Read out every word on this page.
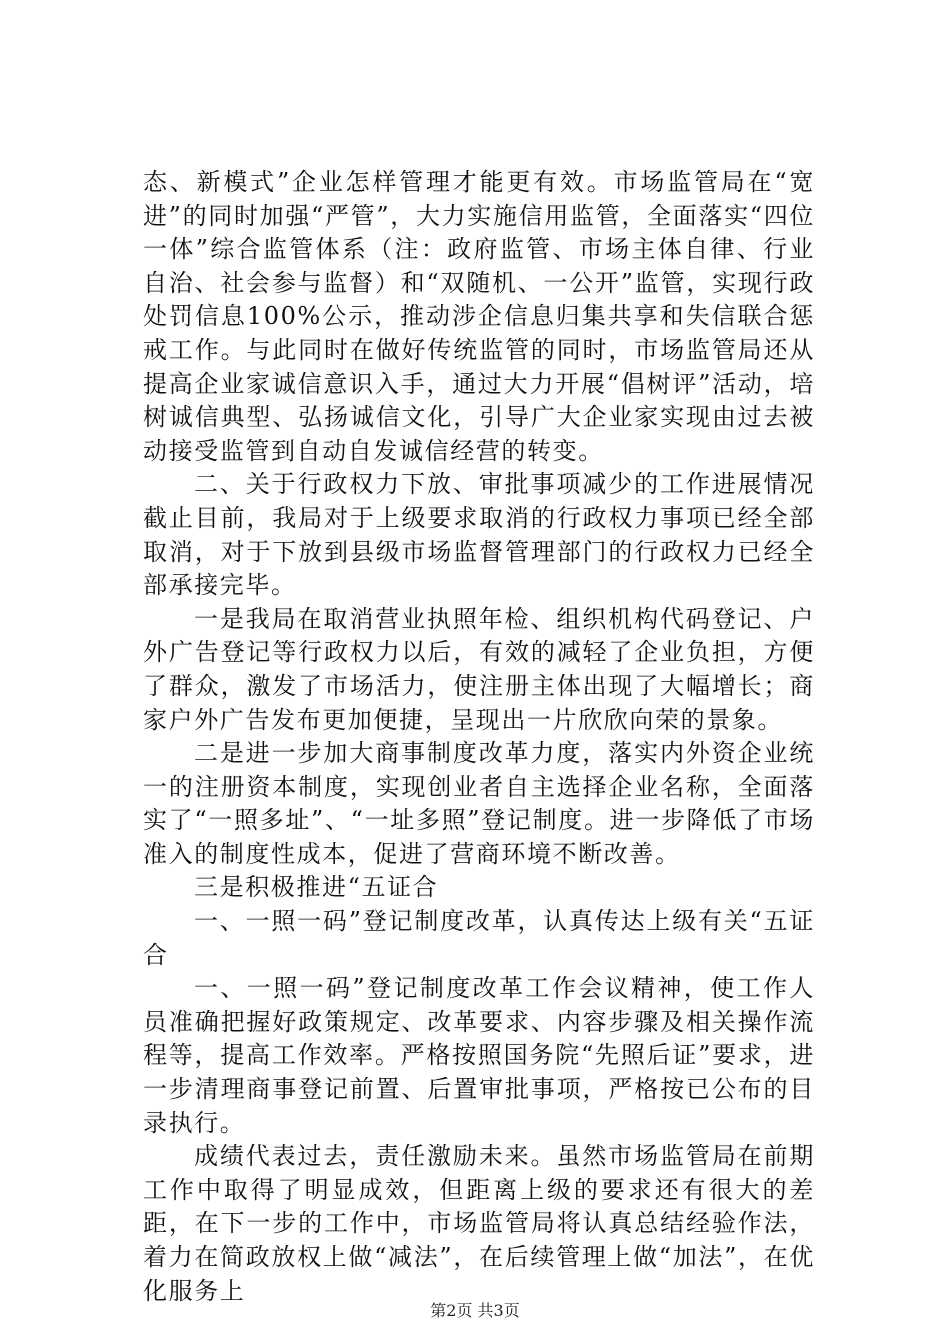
态、新模式”企业怎样管理才能更有效。市场监管局在“宽进”的同时加强“严管”，大力实施信用监管，全面落实“四位一体”综合监管体系（注：政府监管、市场主体自律、行业自治、社会参与监督）和“双随机、一公开”监管，实现行政处罚信息100%公示，推动涉企信息归集共享和失信联合惩戒工作。与此同时在做好传统监管的同时，市场监管局还从提高企业家诚信意识入手，通过大力开展“倡树评”活动，培树诚信典型、弘扬诚信文化，引导广大企业家实现由过去被动接受监管到自动自发诚信经营的转变。

二、关于行政权力下放、审批事项减少的工作进展情况截止目前，我局对于上级要求取消的行政权力事项已经全部取消，对于下放到县级市场监督管理部门的行政权力已经全部承接完毕。

一是我局在取消营业执照年检、组织机构代码登记、户外广告登记等行政权力以后，有效的减轻了企业负担，方便了群众，激发了市场活力，使注册主体出现了大幅增长；商家户外广告发布更加便捷，呈现出一片欣欣向荣的景象。

二是进一步加大商事制度改革力度，落实内外资企业统一的注册资本制度，实现创业者自主选择企业名称，全面落实了“一照多址”、“一址多照”登记制度。进一步降低了市场准入的制度性成本，促进了营商环境不断改善。

三是积极推进“五证合

一、一照一码”登记制度改革，认真传达上级有关“五证合

一、一照一码”登记制度改革工作会议精神，使工作人员准确把握好政策规定、改革要求、内容步骤及相关操作流程等，提高工作效率。严格按照国务院“先照后证”要求，进一步清理商事登记前置、后置审批事项，严格按已公布的目录执行。

成绩代表过去，责任激励未来。虽然市场监管局在前期工作中取得了明显成效，但距离上级的要求还有很大的差距，在下一步的工作中，市场监管局将认真总结经验作法，着力在简政放权上做“减法”，在后续管理上做“加法”，在优化服务上

第2页 共3页
